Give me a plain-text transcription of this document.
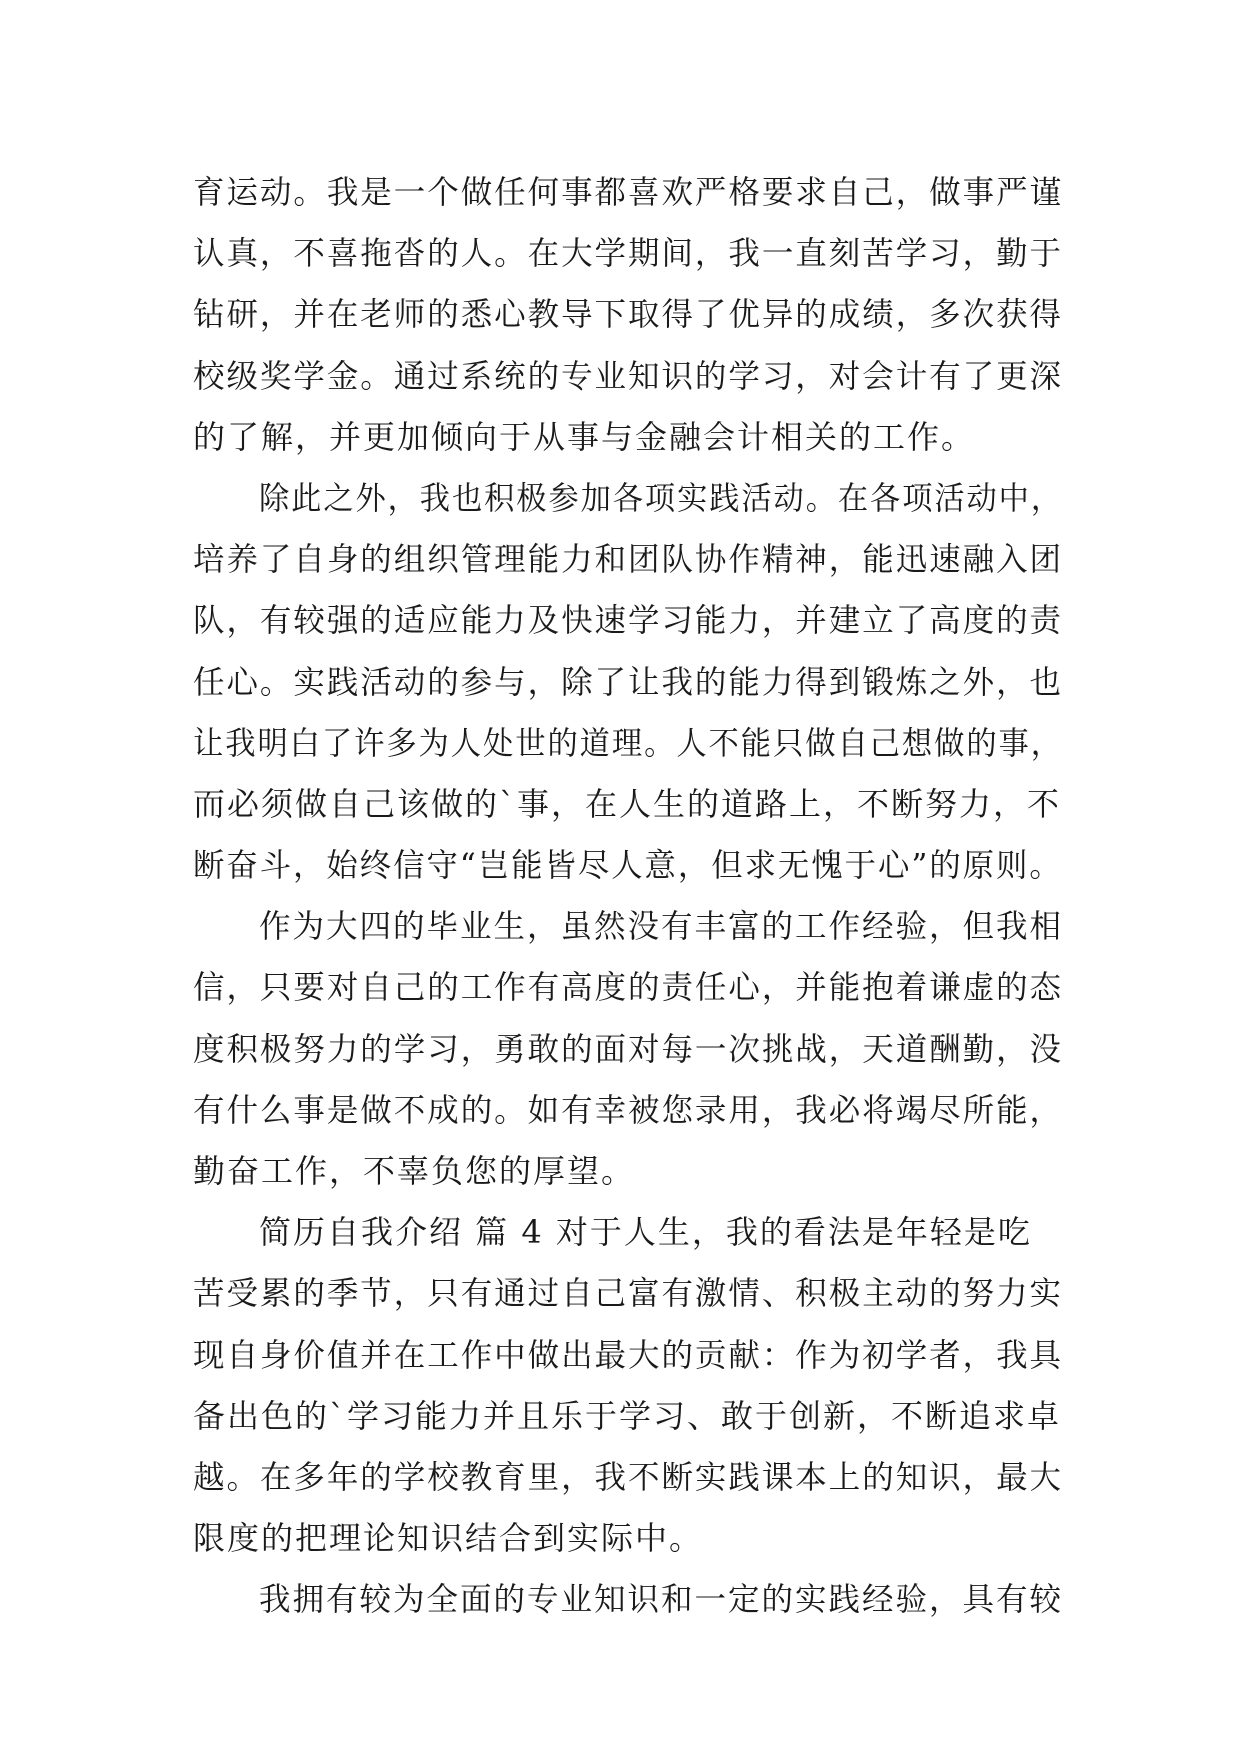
育运动。我是一个做任何事都喜欢严格要求自己，做事严谨
认真，不喜拖沓的人。在大学期间，我一直刻苦学习，勤于
钻研，并在老师的悉心教导下取得了优异的成绩，多次获得
校级奖学金。通过系统的专业知识的学习，对会计有了更深
的了解，并更加倾向于从事与金融会计相关的工作。
除此之外，我也积极参加各项实践活动。在各项活动中，
培养了自身的组织管理能力和团队协作精神，能迅速融入团
队，有较强的适应能力及快速学习能力，并建立了高度的责
任心。实践活动的参与，除了让我的能力得到锻炼之外，也
让我明白了许多为人处世的道理。人不能只做自己想做的事，
而必须做自己该做的`事，在人生的道路上，不断努力，不
断奋斗，始终信守“岂能皆尽人意，但求无愧于心”的原则。
作为大四的毕业生，虽然没有丰富的工作经验，但我相
信，只要对自己的工作有高度的责任心，并能抱着谦虚的态
度积极努力的学习，勇敢的面对每一次挑战，天道酬勤，没
有什么事是做不成的。如有幸被您录用，我必将竭尽所能，
勤奋工作，不辜负您的厚望。
简历自我介绍 篇 4 对于人生，我的看法是年轻是吃
苦受累的季节，只有通过自己富有激情、积极主动的努力实
现自身价值并在工作中做出最大的贡献：作为初学者，我具
备出色的`学习能力并且乐于学习、敢于创新，不断追求卓
越。在多年的学校教育里，我不断实践课本上的知识，最大
限度的把理论知识结合到实际中。
我拥有较为全面的专业知识和一定的实践经验，具有较
